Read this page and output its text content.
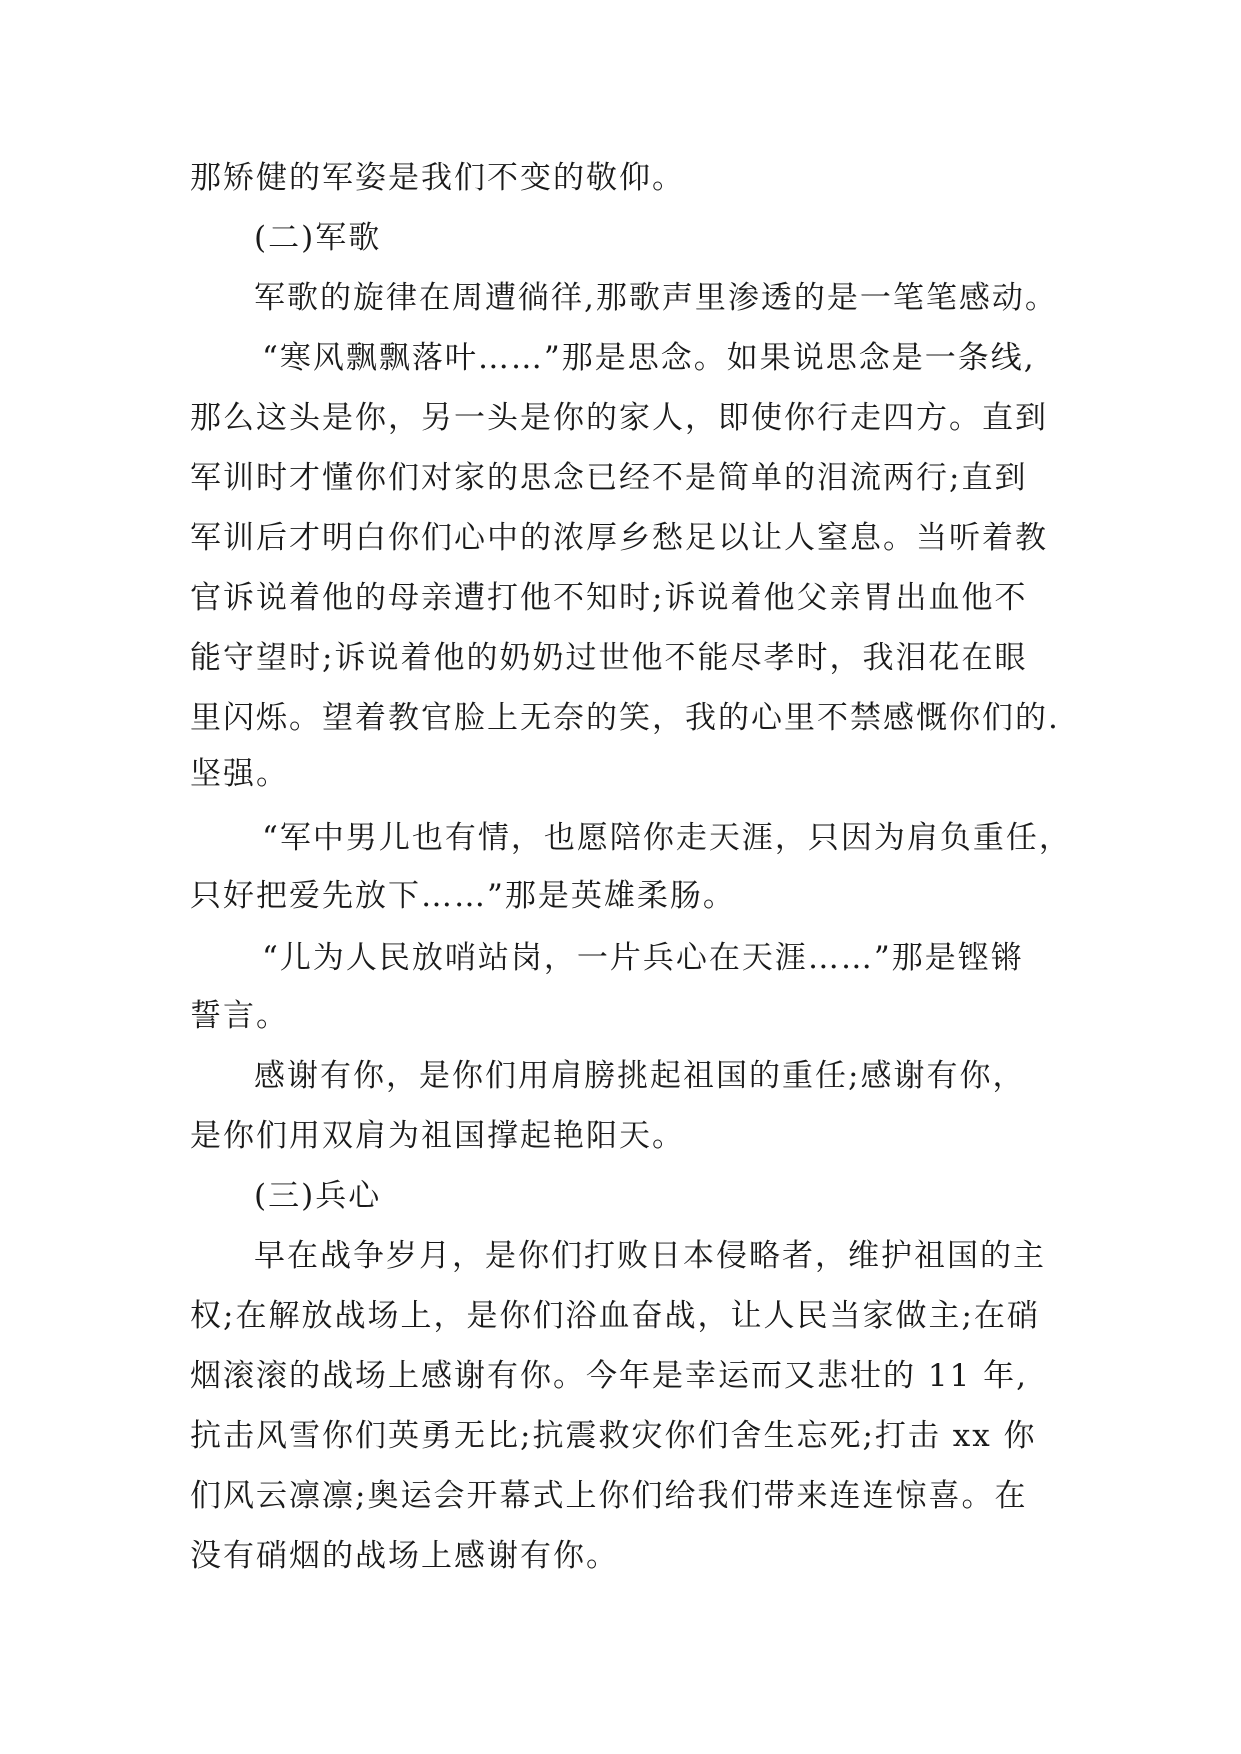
那矫健的军姿是我们不变的敬仰。

(二)军歌

军歌的旋律在周遭徜徉,那歌声里渗透的是一笔笔感动。

“寒风飘飘落叶……”那是思念。如果说思念是一条线,

那么这头是你，另一头是你的家人，即使你行走四方。直到

军训时才懂你们对家的思念已经不是简单的泪流两行;直到

军训后才明白你们心中的浓厚乡愁足以让人窒息。当听着教

官诉说着他的母亲遭打他不知时;诉说着他父亲胃出血他不

能守望时;诉说着他的奶奶过世他不能尽孝时，我泪花在眼

里闪烁。望着教官脸上无奈的笑，我的心里不禁感慨你们的.

坚强。

“军中男儿也有情，也愿陪你走天涯，只因为肩负重任，

只好把爱先放下……”那是英雄柔肠。

“儿为人民放哨站岗，一片兵心在天涯……”那是铿锵

誓言。

感谢有你，是你们用肩膀挑起祖国的重任;感谢有你，

是你们用双肩为祖国撑起艳阳天。

(三)兵心

早在战争岁月，是你们打败日本侵略者，维护祖国的主

权;在解放战场上，是你们浴血奋战，让人民当家做主;在硝

烟滚滚的战场上感谢有你。今年是幸运而又悲壮的 11 年,

抗击风雪你们英勇无比;抗震救灾你们舍生忘死;打击 xx 你

们风云凛凛;奥运会开幕式上你们给我们带来连连惊喜。在

没有硝烟的战场上感谢有你。
